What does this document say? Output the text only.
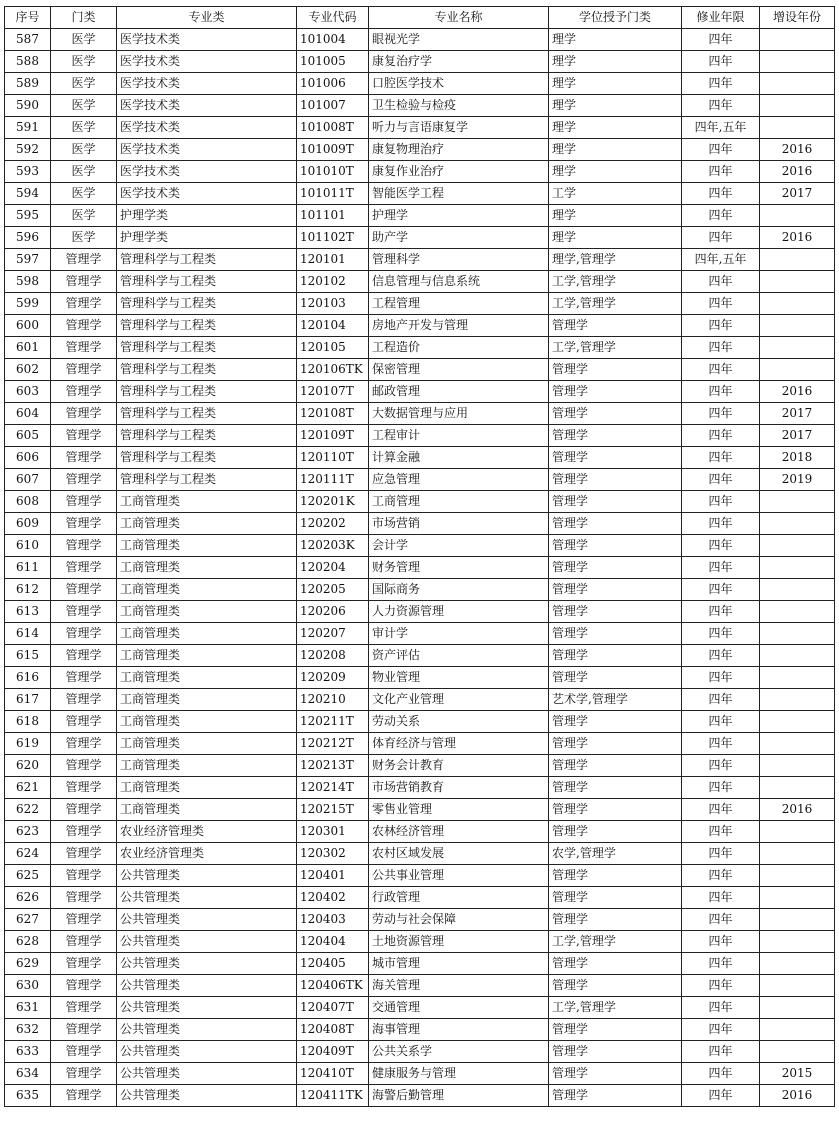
序号	门类	专业类	专业代码	专业名称	学位授予门类	修业年限	增设年份
587	医学	医学技术类	101004	眼视光学	理学	四年	
588	医学	医学技术类	101005	康复治疗学	理学	四年	
589	医学	医学技术类	101006	口腔医学技术	理学	四年	
590	医学	医学技术类	101007	卫生检验与检疫	理学	四年	
591	医学	医学技术类	101008T	听力与言语康复学	理学	四年,五年	
592	医学	医学技术类	101009T	康复物理治疗	理学	四年	2016
593	医学	医学技术类	101010T	康复作业治疗	理学	四年	2016
594	医学	医学技术类	101011T	智能医学工程	工学	四年	2017
595	医学	护理学类	101101	护理学	理学	四年	
596	医学	护理学类	101102T	助产学	理学	四年	2016
597	管理学	管理科学与工程类	120101	管理科学	理学,管理学	四年,五年	
598	管理学	管理科学与工程类	120102	信息管理与信息系统	工学,管理学	四年	
599	管理学	管理科学与工程类	120103	工程管理	工学,管理学	四年	
600	管理学	管理科学与工程类	120104	房地产开发与管理	管理学	四年	
601	管理学	管理科学与工程类	120105	工程造价	工学,管理学	四年	
602	管理学	管理科学与工程类	120106TK	保密管理	管理学	四年	
603	管理学	管理科学与工程类	120107T	邮政管理	管理学	四年	2016
604	管理学	管理科学与工程类	120108T	大数据管理与应用	管理学	四年	2017
605	管理学	管理科学与工程类	120109T	工程审计	管理学	四年	2017
606	管理学	管理科学与工程类	120110T	计算金融	管理学	四年	2018
607	管理学	管理科学与工程类	120111T	应急管理	管理学	四年	2019
608	管理学	工商管理类	120201K	工商管理	管理学	四年	
609	管理学	工商管理类	120202	市场营销	管理学	四年	
610	管理学	工商管理类	120203K	会计学	管理学	四年	
611	管理学	工商管理类	120204	财务管理	管理学	四年	
612	管理学	工商管理类	120205	国际商务	管理学	四年	
613	管理学	工商管理类	120206	人力资源管理	管理学	四年	
614	管理学	工商管理类	120207	审计学	管理学	四年	
615	管理学	工商管理类	120208	资产评估	管理学	四年	
616	管理学	工商管理类	120209	物业管理	管理学	四年	
617	管理学	工商管理类	120210	文化产业管理	艺术学,管理学	四年	
618	管理学	工商管理类	120211T	劳动关系	管理学	四年	
619	管理学	工商管理类	120212T	体育经济与管理	管理学	四年	
620	管理学	工商管理类	120213T	财务会计教育	管理学	四年	
621	管理学	工商管理类	120214T	市场营销教育	管理学	四年	
622	管理学	工商管理类	120215T	零售业管理	管理学	四年	2016
623	管理学	农业经济管理类	120301	农林经济管理	管理学	四年	
624	管理学	农业经济管理类	120302	农村区域发展	农学,管理学	四年	
625	管理学	公共管理类	120401	公共事业管理	管理学	四年	
626	管理学	公共管理类	120402	行政管理	管理学	四年	
627	管理学	公共管理类	120403	劳动与社会保障	管理学	四年	
628	管理学	公共管理类	120404	土地资源管理	工学,管理学	四年	
629	管理学	公共管理类	120405	城市管理	管理学	四年	
630	管理学	公共管理类	120406TK	海关管理	管理学	四年	
631	管理学	公共管理类	120407T	交通管理	工学,管理学	四年	
632	管理学	公共管理类	120408T	海事管理	管理学	四年	
633	管理学	公共管理类	120409T	公共关系学	管理学	四年	
634	管理学	公共管理类	120410T	健康服务与管理	管理学	四年	2015
635	管理学	公共管理类	120411TK	海警后勤管理	管理学	四年	2016
